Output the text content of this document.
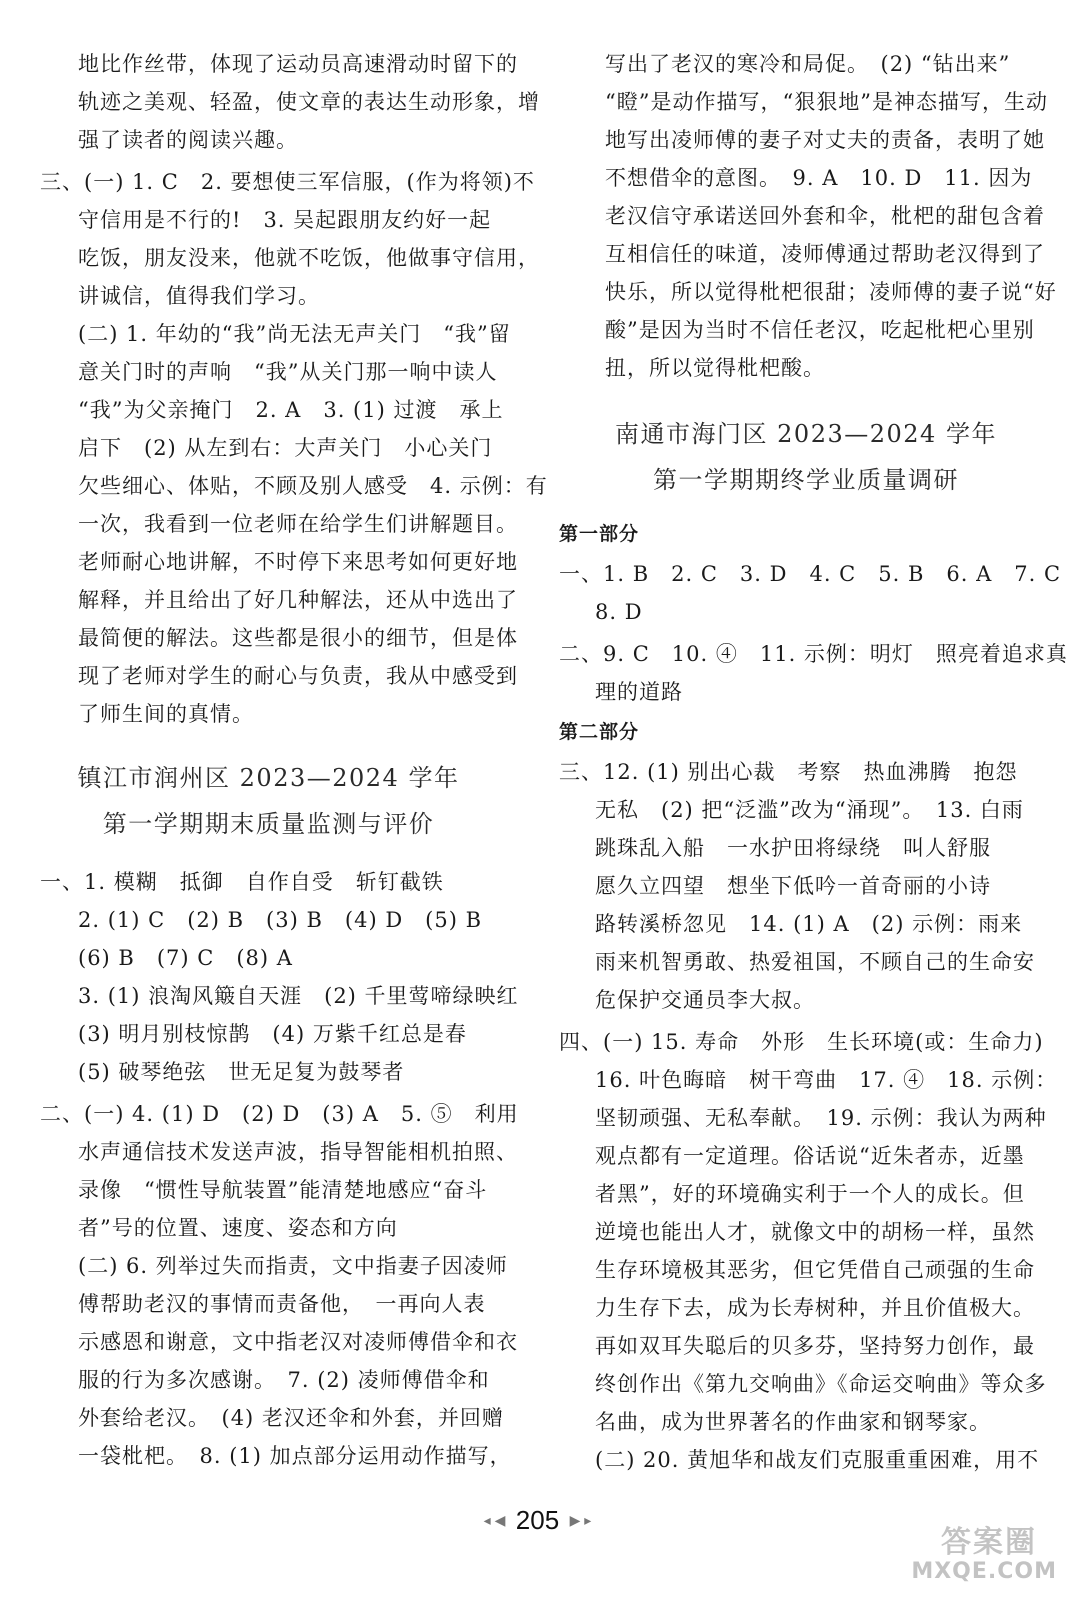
地比作丝带，体现了运动员高速滑动时留下的
轨迹之美观、轻盈，使文章的表达生动形象，增
强了读者的阅读兴趣。
三、(一) 1. C　2. 要想使三军信服，(作为将领)不
守信用是不行的!　3. 吴起跟朋友约好一起
吃饭，朋友没来，他就不吃饭，他做事守信用，
讲诚信，值得我们学习。
(二) 1. 年幼的“我”尚无法无声关门　“我”留
意关门时的声响　“我”从关门那一响中读人
“我”为父亲掩门　2. A　3. (1) 过渡　承上
启下　(2) 从左到右：大声关门　小心关门
欠些细心、体贴，不顾及别人感受　4. 示例：有
一次，我看到一位老师在给学生们讲解题目。
老师耐心地讲解，不时停下来思考如何更好地
解释，并且给出了好几种解法，还从中选出了
最简便的解法。这些都是很小的细节，但是体
现了老师对学生的耐心与负责，我从中感受到
了师生间的真情。
镇江市润州区 2023—2024 学年
第一学期期末质量监测与评价
一、1. 模糊　抵御　自作自受　斩钉截铁
2. (1) C　(2) B　(3) B　(4) D　(5) B
(6) B　(7) C　(8) A
3. (1) 浪淘风簸自天涯　(2) 千里莺啼绿映红
(3) 明月别枝惊鹊　(4) 万紫千红总是春
(5) 破琴绝弦　世无足复为鼓琴者
二、(一) 4. (1) D　(2) D　(3) A　5. ⑤　利用
水声通信技术发送声波，指导智能相机拍照、
录像　“惯性导航装置”能清楚地感应“奋斗
者”号的位置、速度、姿态和方向
(二) 6. 列举过失而指责，文中指妻子因凌师
傅帮助老汉的事情而责备他，　一再向人表
示感恩和谢意，文中指老汉对凌师傅借伞和衣
服的行为多次感谢。　7. (2) 凌师傅借伞和
外套给老汉。　(4) 老汉还伞和外套，并回赠
一袋枇杷。　8. (1) 加点部分运用动作描写，
写出了老汉的寒冷和局促。　(2) “钻出来”
“瞪”是动作描写，“狠狠地”是神态描写，生动
地写出凌师傅的妻子对丈夫的责备，表明了她
不想借伞的意图。　9. A　10. D　11. 因为
老汉信守承诺送回外套和伞，枇杷的甜包含着
互相信任的味道，凌师傅通过帮助老汉得到了
快乐，所以觉得枇杷很甜；凌师傅的妻子说“好
酸”是因为当时不信任老汉，吃起枇杷心里别
扭，所以觉得枇杷酸。
南通市海门区 2023—2024 学年
第一学期期终学业质量调研
第一部分
一、1. B　2. C　3. D　4. C　5. B　6. A　7. C
8. D
二、9. C　10. ④　11. 示例：明灯　照亮着追求真
理的道路
第二部分
三、12. (1) 别出心裁　考察　热血沸腾　抱怨
无私　(2) 把“泛滥”改为“涌现”。　13. 白雨
跳珠乱入船　一水护田将绿绕　叫人舒服
愿久立四望　想坐下低吟一首奇丽的小诗
路转溪桥忽见　14. (1) A　(2) 示例：雨来
雨来机智勇敢、热爱祖国，不顾自己的生命安
危保护交通员李大叔。
四、(一) 15. 寿命　外形　生长环境(或：生命力)
16. 叶色晦暗　树干弯曲　17. ④　18. 示例：
坚韧顽强、无私奉献。　19. 示例：我认为两种
观点都有一定道理。俗话说“近朱者赤，近墨
者黑”，好的环境确实利于一个人的成长。但
逆境也能出人才，就像文中的胡杨一样，虽然
生存环境极其恶劣，但它凭借自己顽强的生命
力生存下去，成为长寿树种，并且价值极大。
再如双耳失聪后的贝多芬，坚持努力创作，最
终创作出《第九交响曲》《命运交响曲》等众多
名曲，成为世界著名的作曲家和钢琴家。
(二) 20. 黄旭华和战友们克服重重困难，用不
◂ ◀ 205 ▶ ▸
答案圈
MXQE.COM
